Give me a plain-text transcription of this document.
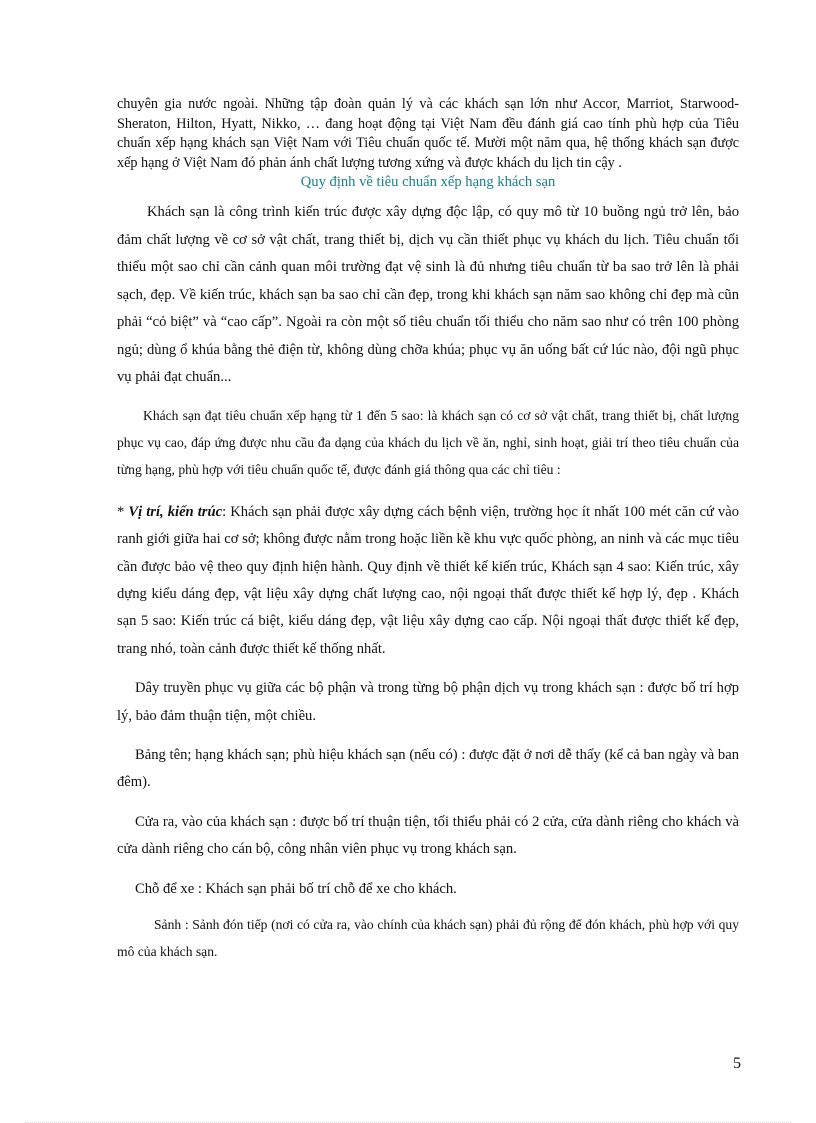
chuyên gia nước ngoài. Những tập đoàn quản lý và các khách sạn lớn như Accor, Marriot, Starwood-Sheraton, Hilton, Hyatt, Nikko, … đang hoạt động tại Việt Nam đều đánh giá cao tính phù hợp của Tiêu chuẩn xếp hạng khách sạn Việt Nam với Tiêu chuẩn quốc tế. Mười một năm qua, hệ thống khách sạn được xếp hạng ở Việt Nam đó phản ánh chất lượng tương xứng và được khách du lịch tin cậy .

Quy định về tiêu chuẩn xếp hạng khách sạn

Khách sạn là công trình kiến trúc được xây dựng độc lập, có quy mô từ 10 buồng ngủ trở lên, bảo đảm chất lượng về cơ sở vật chất, trang thiết bị, dịch vụ cần thiết phục vụ khách du lịch. Tiêu chuẩn tối thiểu một sao chỉ cần cảnh quan môi trường đạt vệ sinh là đủ nhưng tiêu chuẩn từ ba sao trở lên là phải sạch, đẹp. Về kiến trúc, khách sạn ba sao chỉ cần đẹp, trong khi khách sạn năm sao không chỉ đẹp mà cũn phải “cỏ biệt” và “cao cấp”. Ngoài ra còn một số tiêu chuẩn tối thiểu cho năm sao như có trên 100 phòng ngủ; dùng ổ khúa bằng thẻ điện từ, không dùng chỡa khúa; phục vụ ăn uống bất cứ lúc nào, đội ngũ phục vụ phải đạt chuẩn...

Khách sạn đạt tiêu chuẩn xếp hạng từ 1 đến 5 sao: là khách sạn có cơ sở vật chất, trang thiết bị, chất lượng phục vụ cao, đáp ứng được nhu cầu đa dạng của khách du lịch về ăn, nghỉ, sinh hoạt, giải trí theo tiêu chuẩn của từng hạng, phù hợp với tiêu chuẩn quốc tế, được đánh giá thông qua các chỉ tiêu :

* Vị trí, kiến trúc: Khách sạn phải được xây dựng cách bệnh viện, trường học ít nhất 100 mét căn cứ vào ranh giới giữa hai cơ sở; không được nằm trong hoặc liền kề khu vực quốc phòng, an ninh và các mục tiêu cần được bảo vệ theo quy định hiện hành. Quy định về thiết kế kiến trúc, Khách sạn 4 sao: Kiến trúc, xây dựng kiểu dáng đẹp, vật liệu xây dựng chất lượng cao, nội ngoại thất được thiết kế hợp lý, đẹp . Khách sạn 5 sao: Kiến trúc cá biệt, kiểu dáng đẹp, vật liệu xây dựng cao cấp. Nội ngoại thất được thiết kế đẹp, trang nhó, toàn cảnh được thiết kế thống nhất.

Dây truyền phục vụ giữa các bộ phận và trong từng bộ phận dịch vụ trong khách sạn : được bố trí hợp lý, bảo đảm thuận tiện, một chiều.

Bảng tên; hạng khách sạn; phù hiệu khách sạn (nếu có) : được đặt ở nơi dễ thấy (kể cả ban ngày và ban đêm).

Cửa ra, vào của khách sạn : được bố trí thuận tiện, tối thiểu phải có 2 cửa, cửa dành riêng cho khách và cửa dành riêng cho cán bộ, công nhân viên phục vụ trong khách sạn.

Chỗ để xe : Khách sạn phải bố trí chỗ để xe cho khách.

Sảnh : Sảnh đón tiếp (nơi có cửa ra, vào chính của khách sạn) phải đủ rộng để đón khách, phù hợp với quy mô của khách sạn.

5
